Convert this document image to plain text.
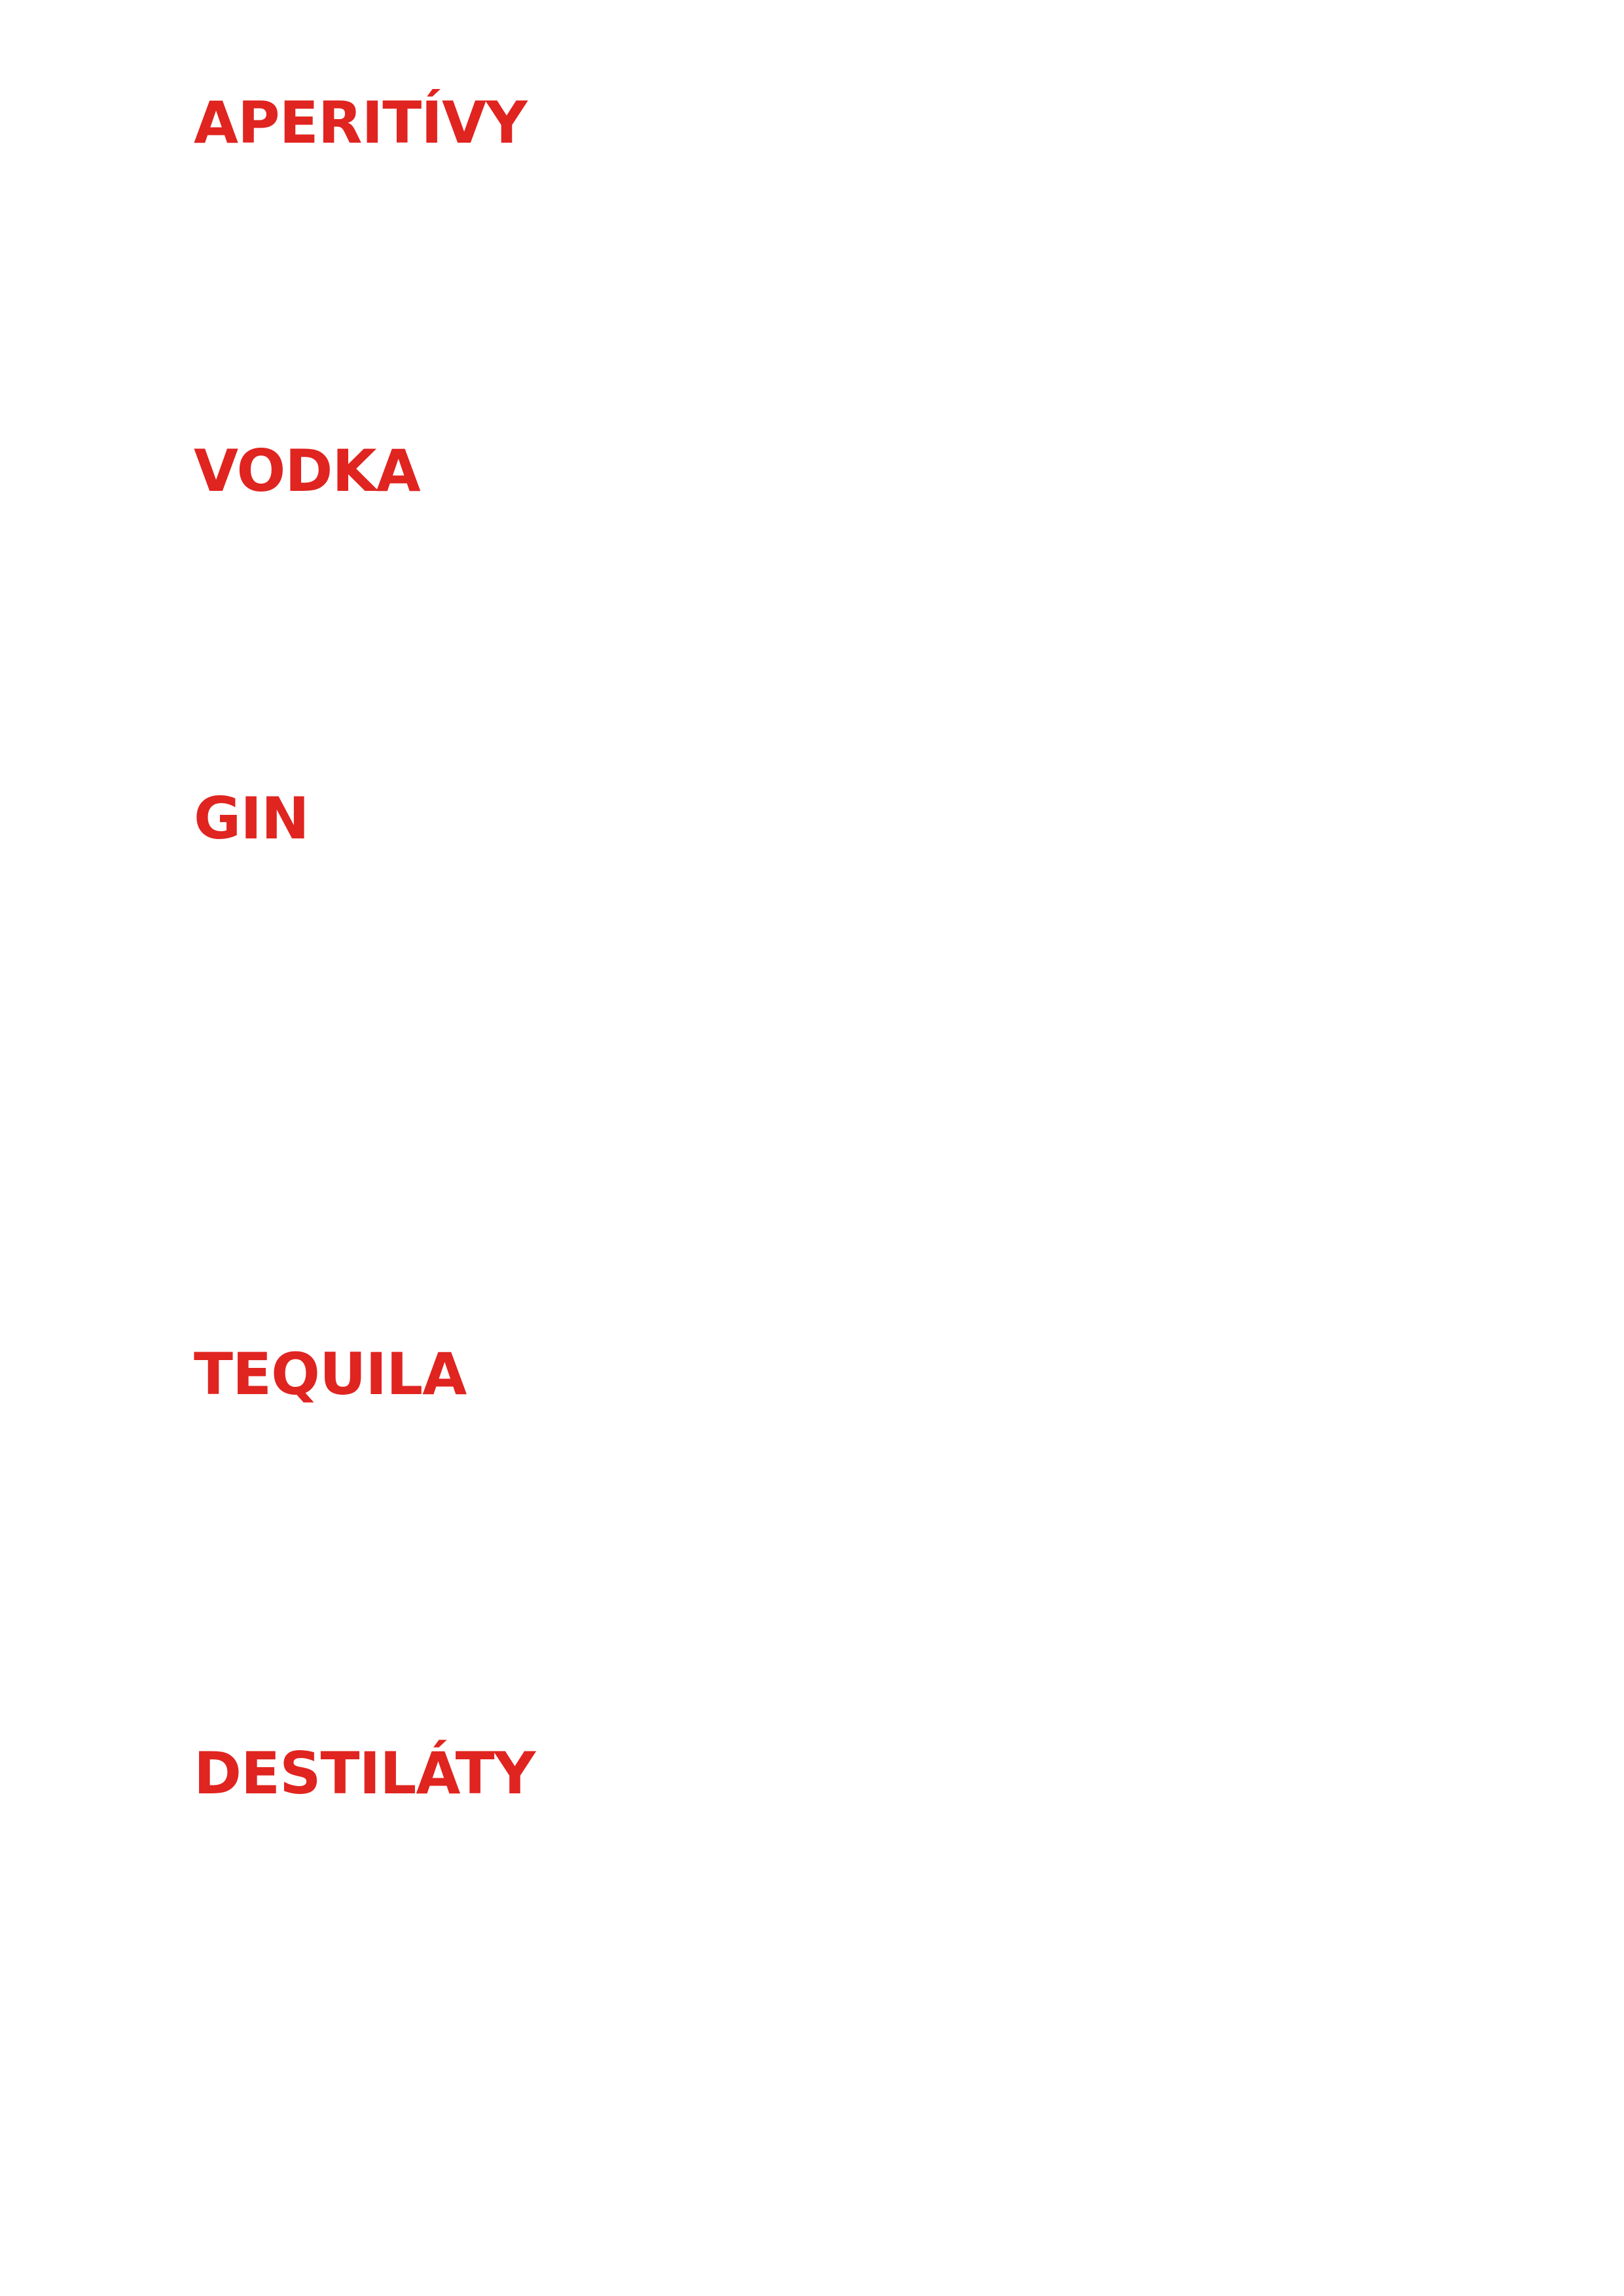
APERITÍVY
VODKA
GIN
TEQUILA
DESTILÁTY
